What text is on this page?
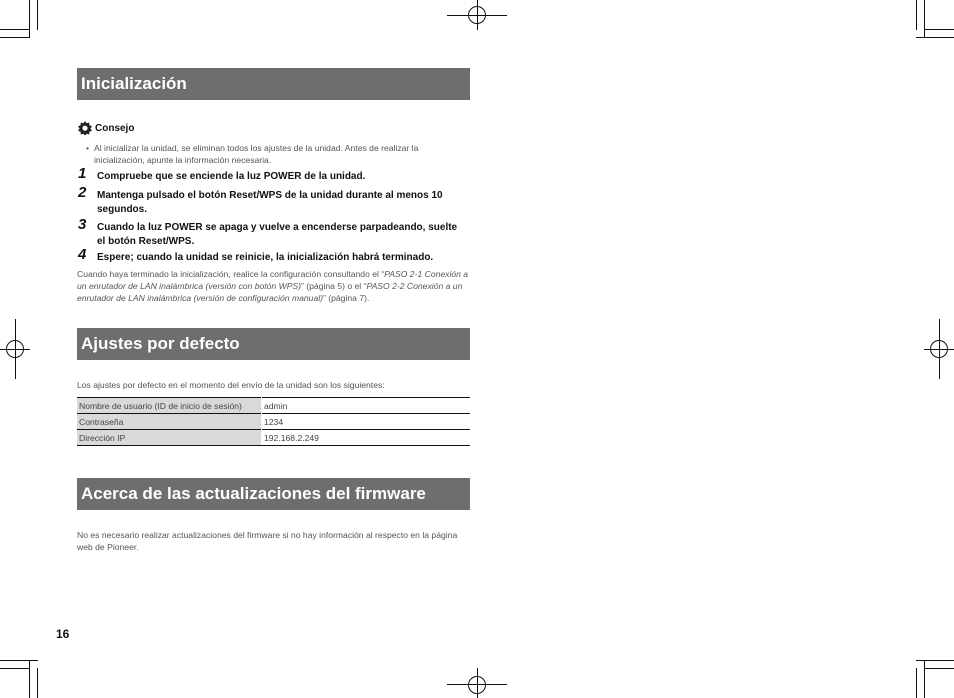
Inicialización
Consejo
• Al inicializar la unidad, se eliminan todos los ajustes de la unidad. Antes de realizar la inicialización, apunte la información necesaria.
1	Compruebe que se enciende la luz POWER de la unidad.
2	Mantenga pulsado el botón Reset/WPS de la unidad durante al menos 10 segundos.
3	Cuando la luz POWER se apaga y vuelve a encenderse parpadeando, suelte el botón Reset/WPS.
4	Espere; cuando la unidad se reinicie, la inicialización habrá terminado.
Cuando haya terminado la inicialización, realice la configuración consultando el “PASO 2-1 Conexión a un enrutador de LAN inalámbrica (versión con botón WPS)” (página 5) o el “PASO 2-2 Conexión a un enrutador de LAN inalámbrica (versión de configuración manual)” (página 7).
Ajustes por defecto
Los ajustes por defecto en el momento del envío de la unidad son los siguientes:
Nombre de usuario (ID de inicio de sesión)	admin
Contraseña	1234
Dirección IP	192.168.2.249
Acerca de las actualizaciones del firmware
No es necesario realizar actualizaciones del firmware si no hay información al respecto en la página web de Pioneer.
16
